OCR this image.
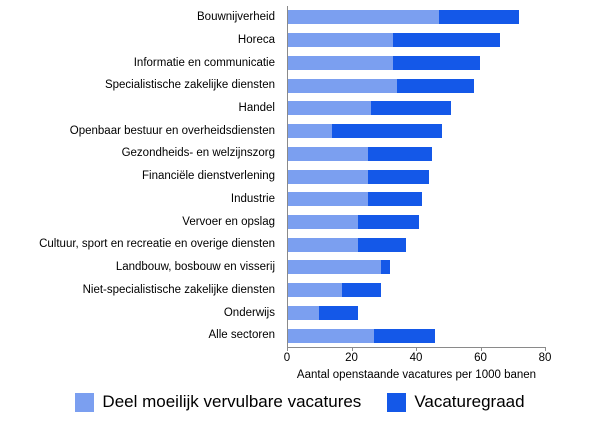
Bouwnijverheid
Horeca
Informatie en communicatie
Specialistische zakelijke diensten
Handel
Openbaar bestuur en overheidsdiensten
Gezondheids- en welzijnszorg
Financiële dienstverlening
Industrie
Vervoer en opslag
Cultuur, sport en recreatie en overige diensten
Landbouw, bosbouw en visserij
Niet-specialistische zakelijke diensten
Onderwijs
Alle sectoren
0	20	40	60	80
Aantal openstaande vacatures per 1000 banen
Deel moeilijk vervulbare vacatures	Vacaturegraad
